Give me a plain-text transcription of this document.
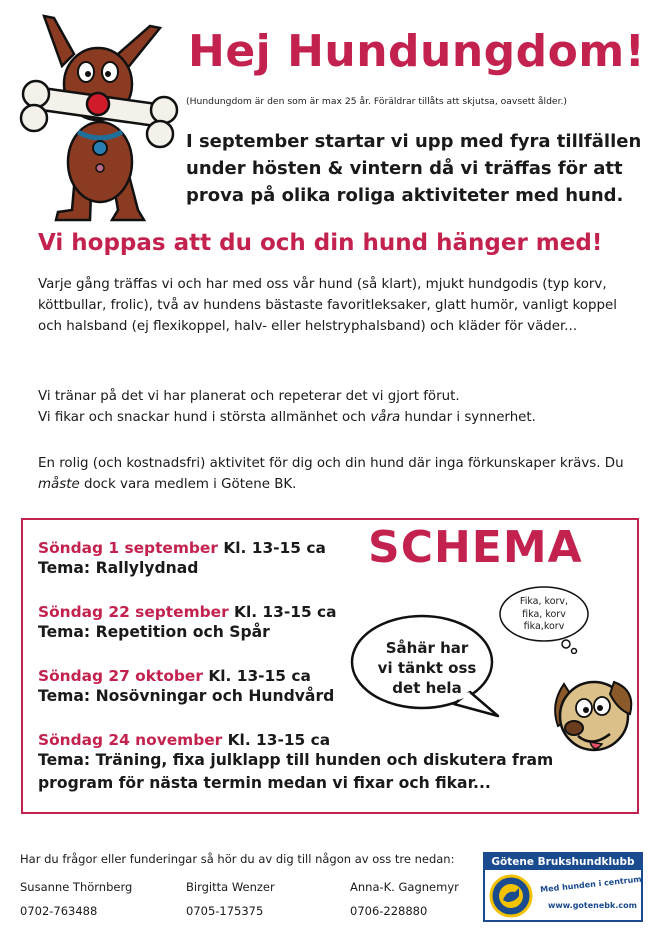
Hej Hundungdom!
(Hundungdom är den som är max 25 år. Föräldrar tillåts att skjutsa, oavsett ålder.)
I september startar vi upp med fyra tillfällen under hösten & vintern då vi träffas för att prova på olika roliga aktiviteter med hund.
Vi hoppas att du och din hund hänger med!
Varje gång träffas vi och har med oss vår hund (så klart), mjukt hundgodis (typ korv, köttbullar, frolic), två av hundens bästaste favoritleksaker, glatt humör, vanligt koppel och halsband (ej flexikoppel, halv- eller helstryphalsband) och kläder för väder...
Vi tränar på det vi har planerat och repeterar det vi gjort förut.
Vi fikar och snackar hund i största allmänhet och våra hundar i synnerhet.
En rolig (och kostnadsfri) aktivitet för dig och din hund där inga förkunskaper krävs. Du måste dock vara medlem i Götene BK.
SCHEMA
Söndag 1 september Kl. 13-15 ca
Tema: Rallylydnad
Söndag 22 september Kl. 13-15 ca
Tema: Repetition och Spår
Söndag 27 oktober Kl. 13-15 ca
Tema: Nosövningar och Hundvård
Söndag 24 november Kl. 13-15 ca
Tema: Träning, fixa julklapp till hunden och diskutera fram program för nästa termin medan vi fixar och fikar...
Såhär har
vi tänkt oss
det hela
Fika, korv,
fika, korv
fika,korv
Har du frågor eller funderingar så hör du av dig till någon av oss tre nedan:
Susanne Thörnberg
0702-763488
Birgitta Wenzer
0705-175375
Anna-K. Gagnemyr
0706-228880
Götene Brukshundklubb
Med hunden i centrum
www.gotenebk.com
